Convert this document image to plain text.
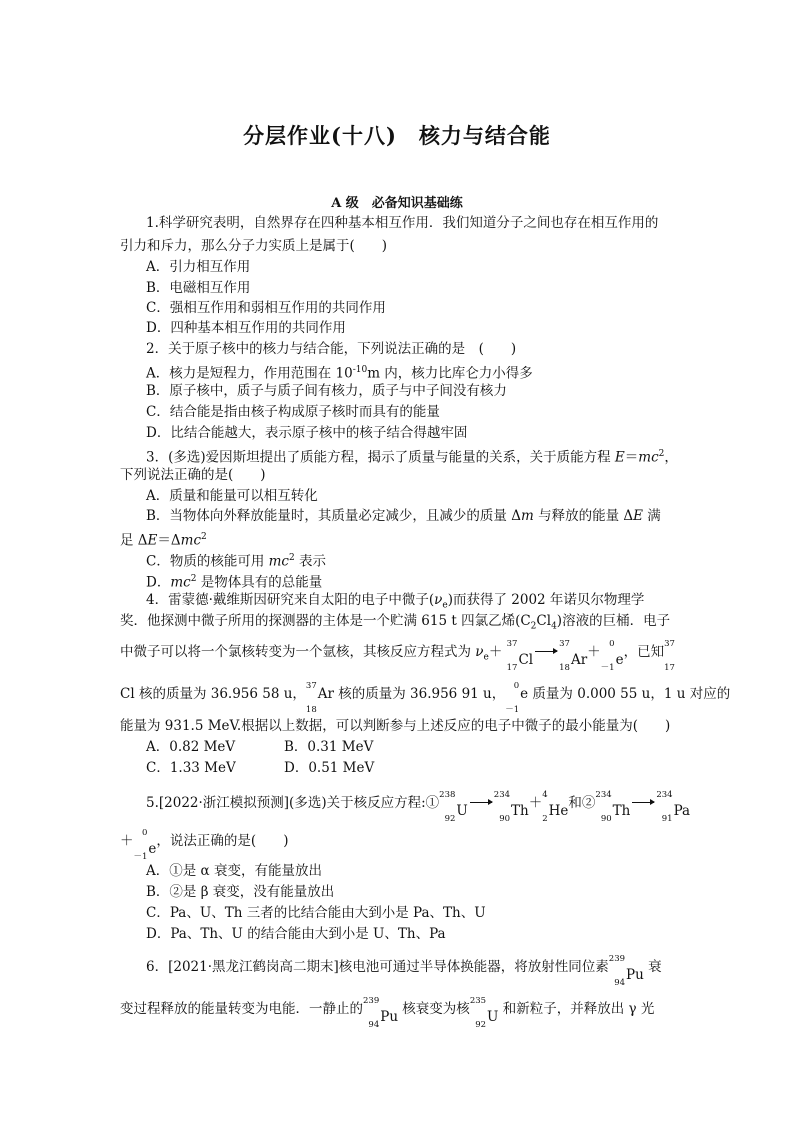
分层作业(十八)　核力与结合能
A 级　必备知识基础练
1.科学研究表明，自然界存在四种基本相互作用．我们知道分子之间也存在相互作用的
引力和斥力，那么分子力实质上是属于(　　)
A．引力相互作用
B．电磁相互作用
C．强相互作用和弱相互作用的共同作用
D．四种基本相互作用的共同作用
2．关于原子核中的核力与结合能，下列说法正确的是　(　　)
A．核力是短程力，作用范围在 $10^{-10}m$ 内，核力比库仑力小得多
B．原子核中，质子与质子间有核力，质子与中子间没有核力
C．结合能是指由核子构成原子核时而具有的能量
D．比结合能越大，表示原子核中的核子结合得越牢固
3．(多选)爱因斯坦提出了质能方程，揭示了质量与能量的关系，关于质能方程 $E=mc^2$，
下列说法正确的是(　　)
A．质量和能量可以相互转化
B．当物体向外释放能量时，其质量必定减少，且减少的质量 Δm 与释放的能量 ΔE 满
足 ΔE＝Δmc$^2$
C．物质的核能可用 $mc^2$ 表示
D．$mc^2$ 是物体具有的总能量
4．雷蒙德·戴维斯因研究来自太阳的电子中微子$(\nu_e)$而获得了 2002 年诺贝尔物理学
奖．他探测中微子所用的探测器的主体是一个贮满 615 t 四氯乙烯$(C_2Cl_4)$溶液的巨桶．电子
中微子可以将一个氯核转变为一个氩核，其核反应方程式为 $\nu_e+ 37$
17 Cl
37
18 Ar ＋ 0
－1 e ，已知 37
17
Cl 核的质量为 36.956 58 u， 37
18
Ar 核的质量为 36.956 91 u， 0
－1
e 质量为 0.000 55 u，1 u 对应的
能量为 931.5 MeV.根据以上数据，可以判断参与上述反应的电子中微子的最小能量为(　　)
A．0.82 MeV	B．0.31 MeV
C．1.33 MeV	D．0.51 MeV
5.[2022·浙江模拟预测](多选)关于核反应方程:① 238
92 U
234
90 Th ＋ 4
2 He 和② 234
90 Th
234
91 Pa
＋ 0
－1 e ，说法正确的是(　　)
A．①是 α 衰变，有能量放出
B．②是 β 衰变，没有能量放出
C．Pa、U、Th 三者的比结合能由大到小是 Pa、Th、U
D．Pa、Th、U 的结合能由大到小是 U、Th、Pa
6．[2021·黑龙江鹤岗高二期末]核电池可通过半导体换能器，将放射性同位素 239
94 Pu 衰
变过程释放的能量转变为电能．一静止的 239
94 Pu 核衰变为核 235
92 U 和新粒子，并释放出 γ 光
